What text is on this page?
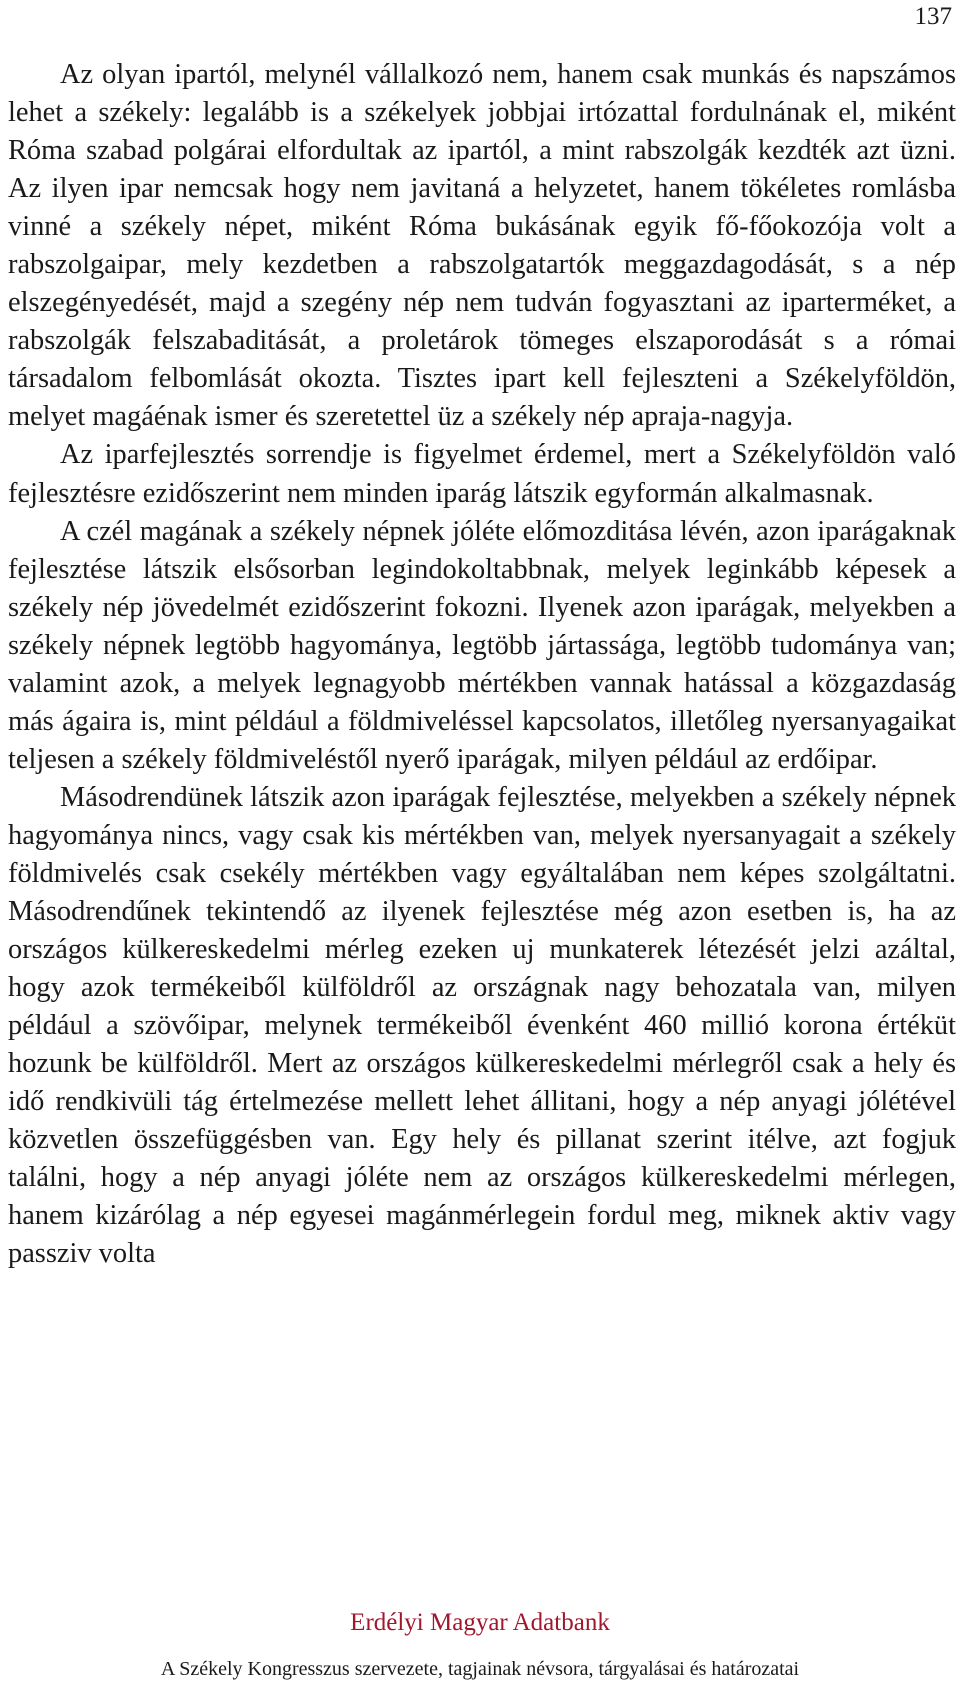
137

Az olyan ipartól, melynél vállalkozó nem, hanem csak munkás és napszámos lehet a székely: legalább is a székelyek jobbjai irtózattal fordulnának el, miként Róma szabad polgárai elfordultak az ipartól, a mint rabszolgák kezdték azt üzni. Az ilyen ipar nemcsak hogy nem javitaná a helyzetet, hanem tökéletes romlásba vinné a székely népet, miként Róma bukásának egyik fő-főokozója volt a rabszolgaipar, mely kezdetben a rabszolgatartók meggazdagodását, s a nép elszegényedését, majd a szegény nép nem tudván fogyasztani az iparterméket, a rabszolgák felszabaditását, a proletárok tömeges elszaporodását s a római társadalom felbomlását okozta. Tisztes ipart kell fejleszteni a Székelyföldön, melyet magáénak ismer és szeretettel üz a székely nép apraja-nagyja.

Az iparfejlesztés sorrendje is figyelmet érdemel, mert a Székelyföldön való fejlesztésre ezidőszerint nem minden iparág látszik egyformán alkalmasnak.

A czél magának a székely népnek jóléte előmozditása lévén, azon iparágaknak fejlesztése látszik elsősorban legindokoltabbnak, melyek leginkább képesek a székely nép jövedelmét ezidőszerint fokozni. Ilyenek azon iparágak, melyekben a székely népnek legtöbb hagyománya, legtöbb jártassága, legtöbb tudománya van; valamint azok, a melyek legnagyobb mértékben vannak hatással a közgazdaság más ágaira is, mint például a földmiveléssel kapcsolatos, illetőleg nyersanyagaikat teljesen a székely földmiveléstől nyerő iparágak, milyen például az erdőipar.

Másodrendünek látszik azon iparágak fejlesztése, melyekben a székely népnek hagyománya nincs, vagy csak kis mértékben van, melyek nyersanyagait a székely földmivelés csak csekély mértékben vagy egyáltalában nem képes szolgáltatni. Másodrendűnek tekintendő az ilyenek fejlesztése még azon esetben is, ha az országos külkereskedelmi mérleg ezeken uj munkaterek létezését jelzi azáltal, hogy azok termékeiből külföldről az országnak nagy behozatala van, milyen például a szövőipar, melynek termékeiből évenként 460 millió korona értéküt hozunk be külföldről. Mert az országos külkereskedelmi mérlegről csak a hely és idő rendkivüli tág értelmezése mellett lehet állitani, hogy a nép anyagi jólétével közvetlen összefüggésben van. Egy hely és pillanat szerint itélve, azt fogjuk találni, hogy a nép anyagi jóléte nem az országos külkereskedelmi mérlegen, hanem kizárólag a nép egyesei magánmérlegein fordul meg, miknek aktiv vagy passziv volta

Erdélyi Magyar Adatbank
A Székely Kongresszus szervezete, tagjainak névsora, tárgyalásai és határozatai
